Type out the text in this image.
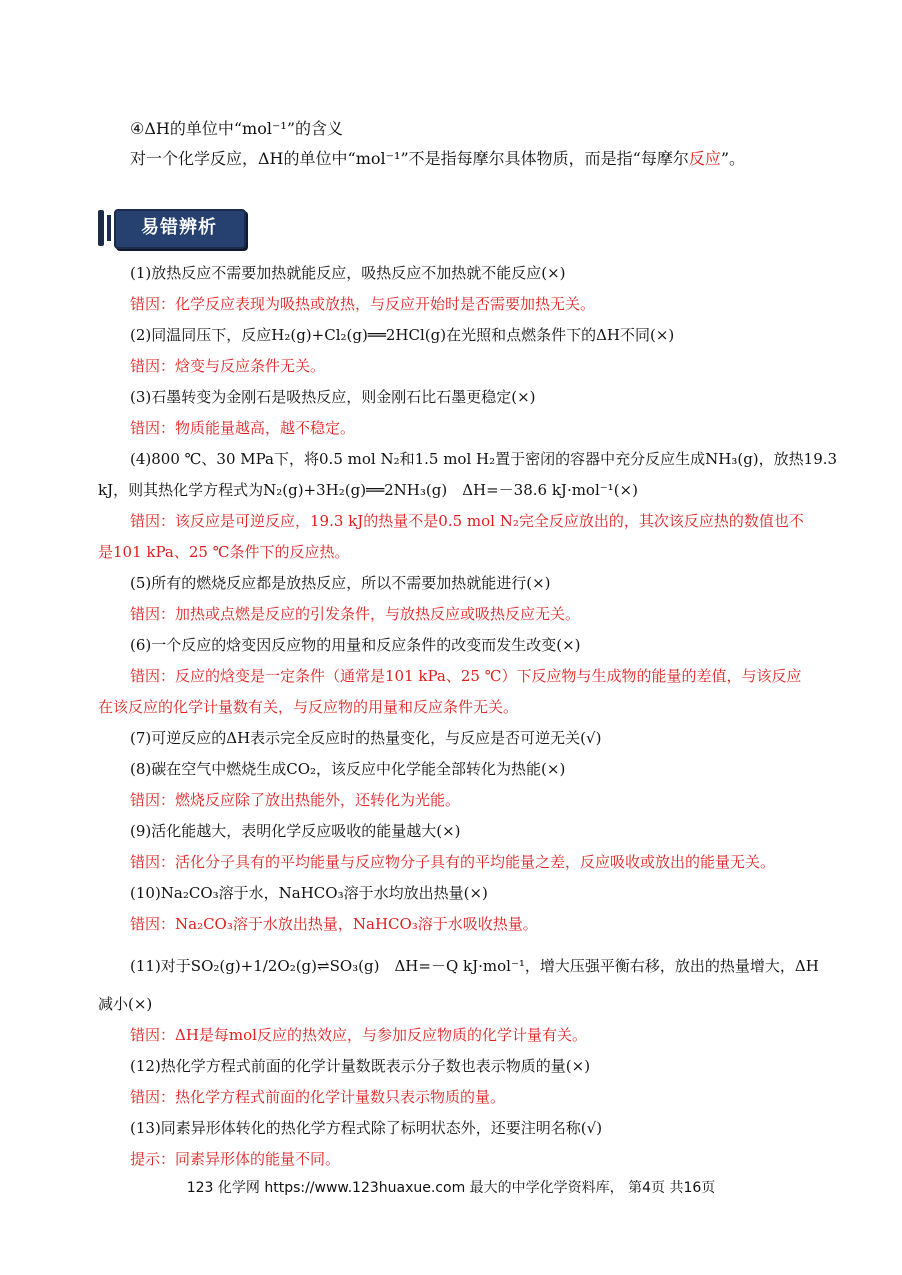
④ΔH的单位中“mol⁻¹”的含义
对一个化学反应，ΔH的单位中“mol⁻¹”不是指每摩尔具体物质，而是指“每摩尔反应”。
易错辨析
(1)放热反应不需要加热就能反应，吸热反应不加热就不能反应(×)
错因：化学反应表现为吸热或放热，与反应开始时是否需要加热无关。
(2)同温同压下，反应H₂(g)+Cl₂(g)══2HCl(g)在光照和点燃条件下的ΔH不同(×)
错因：焓变与反应条件无关。
(3)石墨转变为金刚石是吸热反应，则金刚石比石墨更稳定(×)
错因：物质能量越高，越不稳定。
(4)800 ℃、30 MPa下，将0.5 mol N₂和1.5 mol H₂置于密闭的容器中充分反应生成NH₃(g)，放热19.3
kJ，则其热化学方程式为N₂(g)+3H₂(g)══2NH₃(g)　ΔH=－38.6 kJ·mol⁻¹(×)
错因：该反应是可逆反应，19.3 kJ的热量不是0.5 mol N₂完全反应放出的，其次该反应热的数值也不
是101 kPa、25 ℃条件下的反应热。
(5)所有的燃烧反应都是放热反应，所以不需要加热就能进行(×)
错因：加热或点燃是反应的引发条件，与放热反应或吸热反应无关。
(6)一个反应的焓变因反应物的用量和反应条件的改变而发生改变(×)
错因：反应的焓变是一定条件（通常是101 kPa、25 ℃）下反应物与生成物的能量的差值，与该反应
在该反应的化学计量数有关，与反应物的用量和反应条件无关。
(7)可逆反应的ΔH表示完全反应时的热量变化，与反应是否可逆无关(√)
(8)碳在空气中燃烧生成CO₂，该反应中化学能全部转化为热能(×)
错因：燃烧反应除了放出热能外，还转化为光能。
(9)活化能越大，表明化学反应吸收的能量越大(×)
错因：活化分子具有的平均能量与反应物分子具有的平均能量之差，反应吸收或放出的能量无关。
(10)Na₂CO₃溶于水，NaHCO₃溶于水均放出热量(×)
错因：Na₂CO₃溶于水放出热量，NaHCO₃溶于水吸收热量。
(11)对于SO₂(g)+1/2O₂(g)⇌SO₃(g)　ΔH=－Q kJ·mol⁻¹，增大压强平衡右移，放出的热量增大，ΔH
减小(×)
错因：ΔH是每mol反应的热效应，与参加反应物质的化学计量有关。
(12)热化学方程式前面的化学计量数既表示分子数也表示物质的量(×)
错因：热化学方程式前面的化学计量数只表示物质的量。
(13)同素异形体转化的热化学方程式除了标明状态外，还要注明名称(√)
提示：同素异形体的能量不同。
123 化学网 https://www.123huaxue.com 最大的中学化学资料库， 第4页 共16页
